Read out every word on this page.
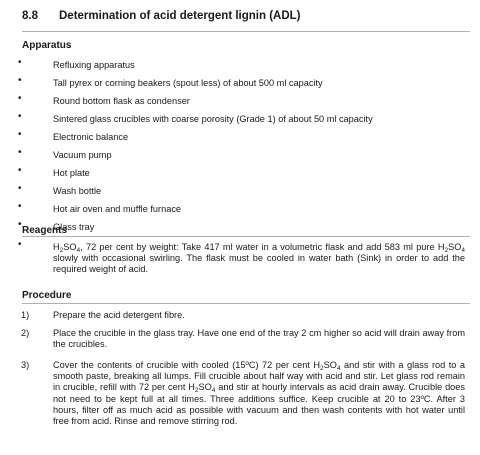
8.8 Determination of acid detergent lignin (ADL)
Apparatus
•	Refluxing apparatus
•	Tall pyrex or corning beakers (spout less) of about 500 ml capacity
•	Round bottom flask as condenser
•	Sintered glass crucibles with coarse porosity (Grade 1) of about 50 ml capacity
•	Electronic balance
•	Vacuum pump
•	Hot plate
•	Wash bottle
•	Hot air oven and muffle furnace
•	Glass tray
Reagents
•	$H_2SO_4$, 72 per cent by weight: Take 417 ml water in a volumetric flask and add 583 ml pure $H_2SO_4$ slowly with occasional swirling. The flask must be cooled in water bath (Sink) in order to add the required weight of acid.
Procedure
1)	Prepare the acid detergent fibre.
2)	Place the crucible in the glass tray. Have one end of the tray 2 cm higher so acid will drain away from the crucibles.
3)	Cover the contents of crucible with cooled (15ºC) 72 per cent $H_2SO_4$ and stir with a glass rod to a smooth paste, breaking all lumps. Fill crucible about half way with acid and stir. Let glass rod remain in crucible, refill with 72 per cent $H_2SO_4$ and stir at hourly intervals as acid drain away. Crucible does not need to be kept full at all times. Three additions suffice. Keep crucible at 20 to 23ºC. After 3 hours, filter off as much acid as possible with vacuum and then wash contents with hot water until free from acid. Rinse and remove stirring rod.
